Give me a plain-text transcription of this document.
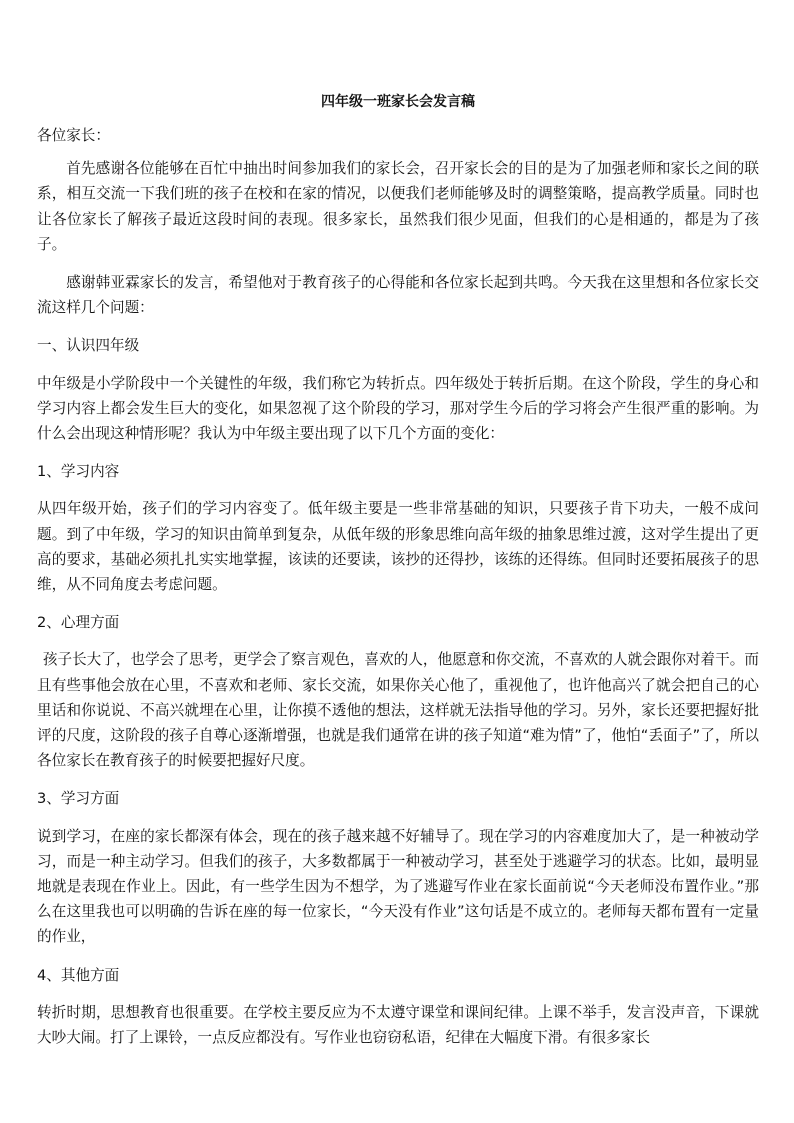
四年级一班家长会发言稿

各位家长：

首先感谢各位能够在百忙中抽出时间参加我们的家长会，召开家长会的目的是为了加强老师和家长之间的联系，相互交流一下我们班的孩子在校和在家的情况，以便我们老师能够及时的调整策略，提高教学质量。同时也让各位家长了解孩子最近这段时间的表现。很多家长，虽然我们很少见面，但我们的心是相通的，都是为了孩子。

感谢韩亚霖家长的发言，希望他对于教育孩子的心得能和各位家长起到共鸣。今天我在这里想和各位家长交流这样几个问题：

一、认识四年级

中年级是小学阶段中一个关键性的年级，我们称它为转折点。四年级处于转折后期。在这个阶段，学生的身心和学习内容上都会发生巨大的变化，如果忽视了这个阶段的学习，那对学生今后的学习将会产生很严重的影响。为什么会出现这种情形呢？我认为中年级主要出现了以下几个方面的变化：

1、学习内容

从四年级开始，孩子们的学习内容变了。低年级主要是一些非常基础的知识，只要孩子肯下功夫，一般不成问题。到了中年级，学习的知识由简单到复杂，从低年级的形象思维向高年级的抽象思维过渡，这对学生提出了更高的要求，基础必须扎扎实实地掌握，该读的还要读，该抄的还得抄，该练的还得练。但同时还要拓展孩子的思维，从不同角度去考虑问题。

2、心理方面

孩子长大了，也学会了思考，更学会了察言观色，喜欢的人，他愿意和你交流，不喜欢的人就会跟你对着干。而且有些事他会放在心里，不喜欢和老师、家长交流，如果你关心他了，重视他了，也许他高兴了就会把自己的心里话和你说说、不高兴就埋在心里，让你摸不透他的想法，这样就无法指导他的学习。另外，家长还要把握好批评的尺度，这阶段的孩子自尊心逐渐增强，也就是我们通常在讲的孩子知道“难为情”了，他怕“丢面子”了，所以各位家长在教育孩子的时候要把握好尺度。

3、学习方面

说到学习，在座的家长都深有体会，现在的孩子越来越不好辅导了。现在学习的内容难度加大了，是一种被动学习，而是一种主动学习。但我们的孩子，大多数都属于一种被动学习，甚至处于逃避学习的状态。比如，最明显地就是表现在作业上。因此，有一些学生因为不想学，为了逃避写作业在家长面前说“今天老师没布置作业。”那么在这里我也可以明确的告诉在座的每一位家长，“今天没有作业”这句话是不成立的。老师每天都布置有一定量的作业，

4、其他方面

转折时期，思想教育也很重要。在学校主要反应为不太遵守课堂和课间纪律。上课不举手，发言没声音，下课就大吵大闹。打了上课铃，一点反应都没有。写作业也窃窃私语，纪律在大幅度下滑。有很多家长
